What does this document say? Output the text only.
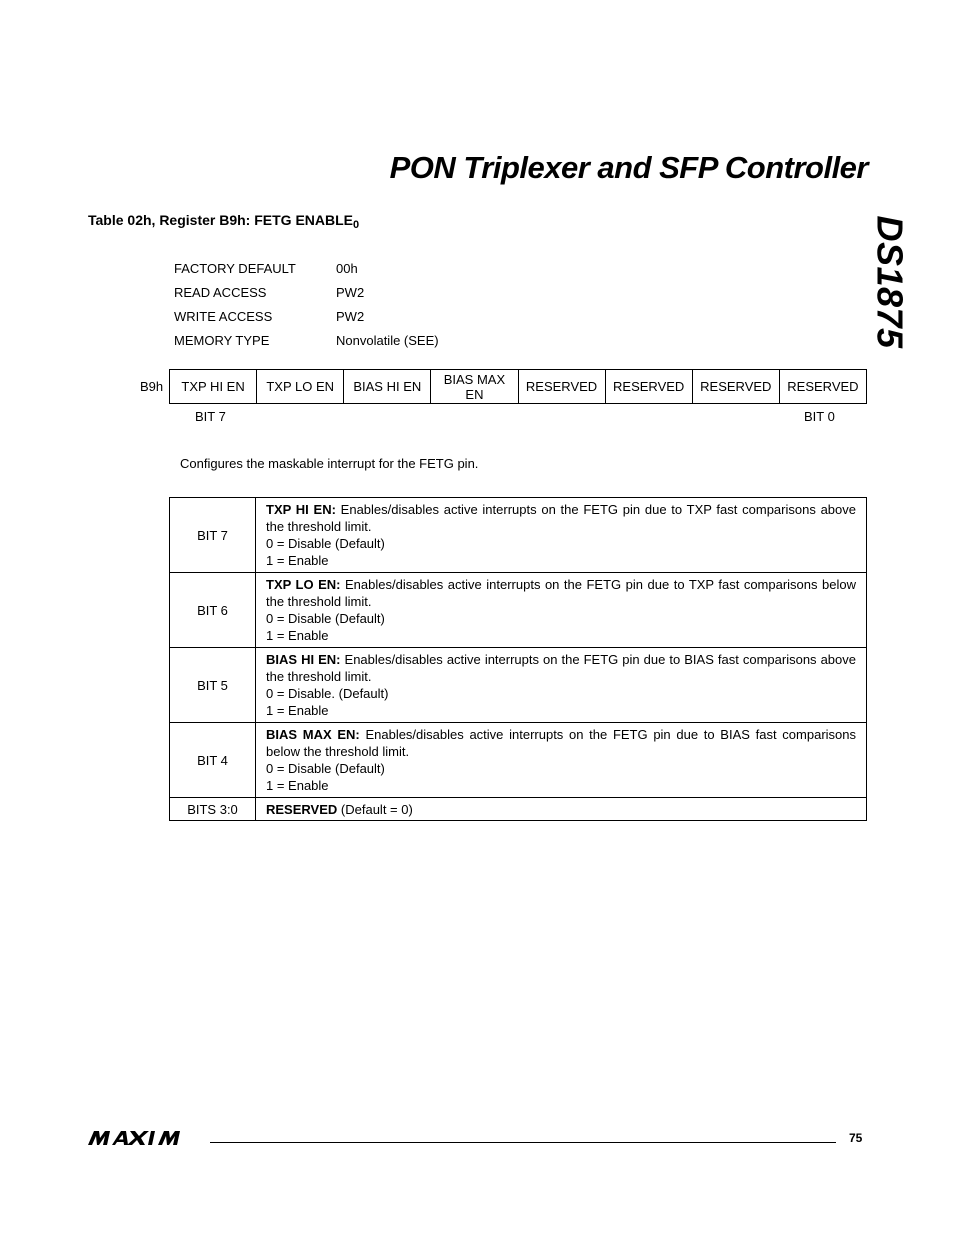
PON Triplexer and SFP Controller
DS1875
Table 02h, Register B9h: FETG $ENABLE_0$
FACTORY DEFAULT	00h
READ ACCESS	PW2
WRITE ACCESS	PW2
MEMORY TYPE	Nonvolatile (SEE)
B9h TXP HI EN	TXP LO EN	BIAS HI EN	BIAS MAX EN	RESERVED	RESERVED	RESERVED	RESERVED
BIT 7	BIT 0
Configures the maskable interrupt for the FETG pin.
BIT 7	TXP HI EN: Enables/disables active interrupts on the FETG pin due to TXP fast comparisons above the threshold limit.
0 = Disable (Default)
1 = Enable
BIT 6	TXP LO EN: Enables/disables active interrupts on the FETG pin due to TXP fast comparisons below the threshold limit.
0 = Disable (Default)
1 = Enable
BIT 5	BIAS HI EN: Enables/disables active interrupts on the FETG pin due to BIAS fast comparisons above the threshold limit.
0 = Disable. (Default)
1 = Enable
BIT 4	BIAS MAX EN: Enables/disables active interrupts on the FETG pin due to BIAS fast comparisons below the threshold limit.
0 = Disable (Default)
1 = Enable
BITS 3:0	RESERVED (Default = 0)
75
